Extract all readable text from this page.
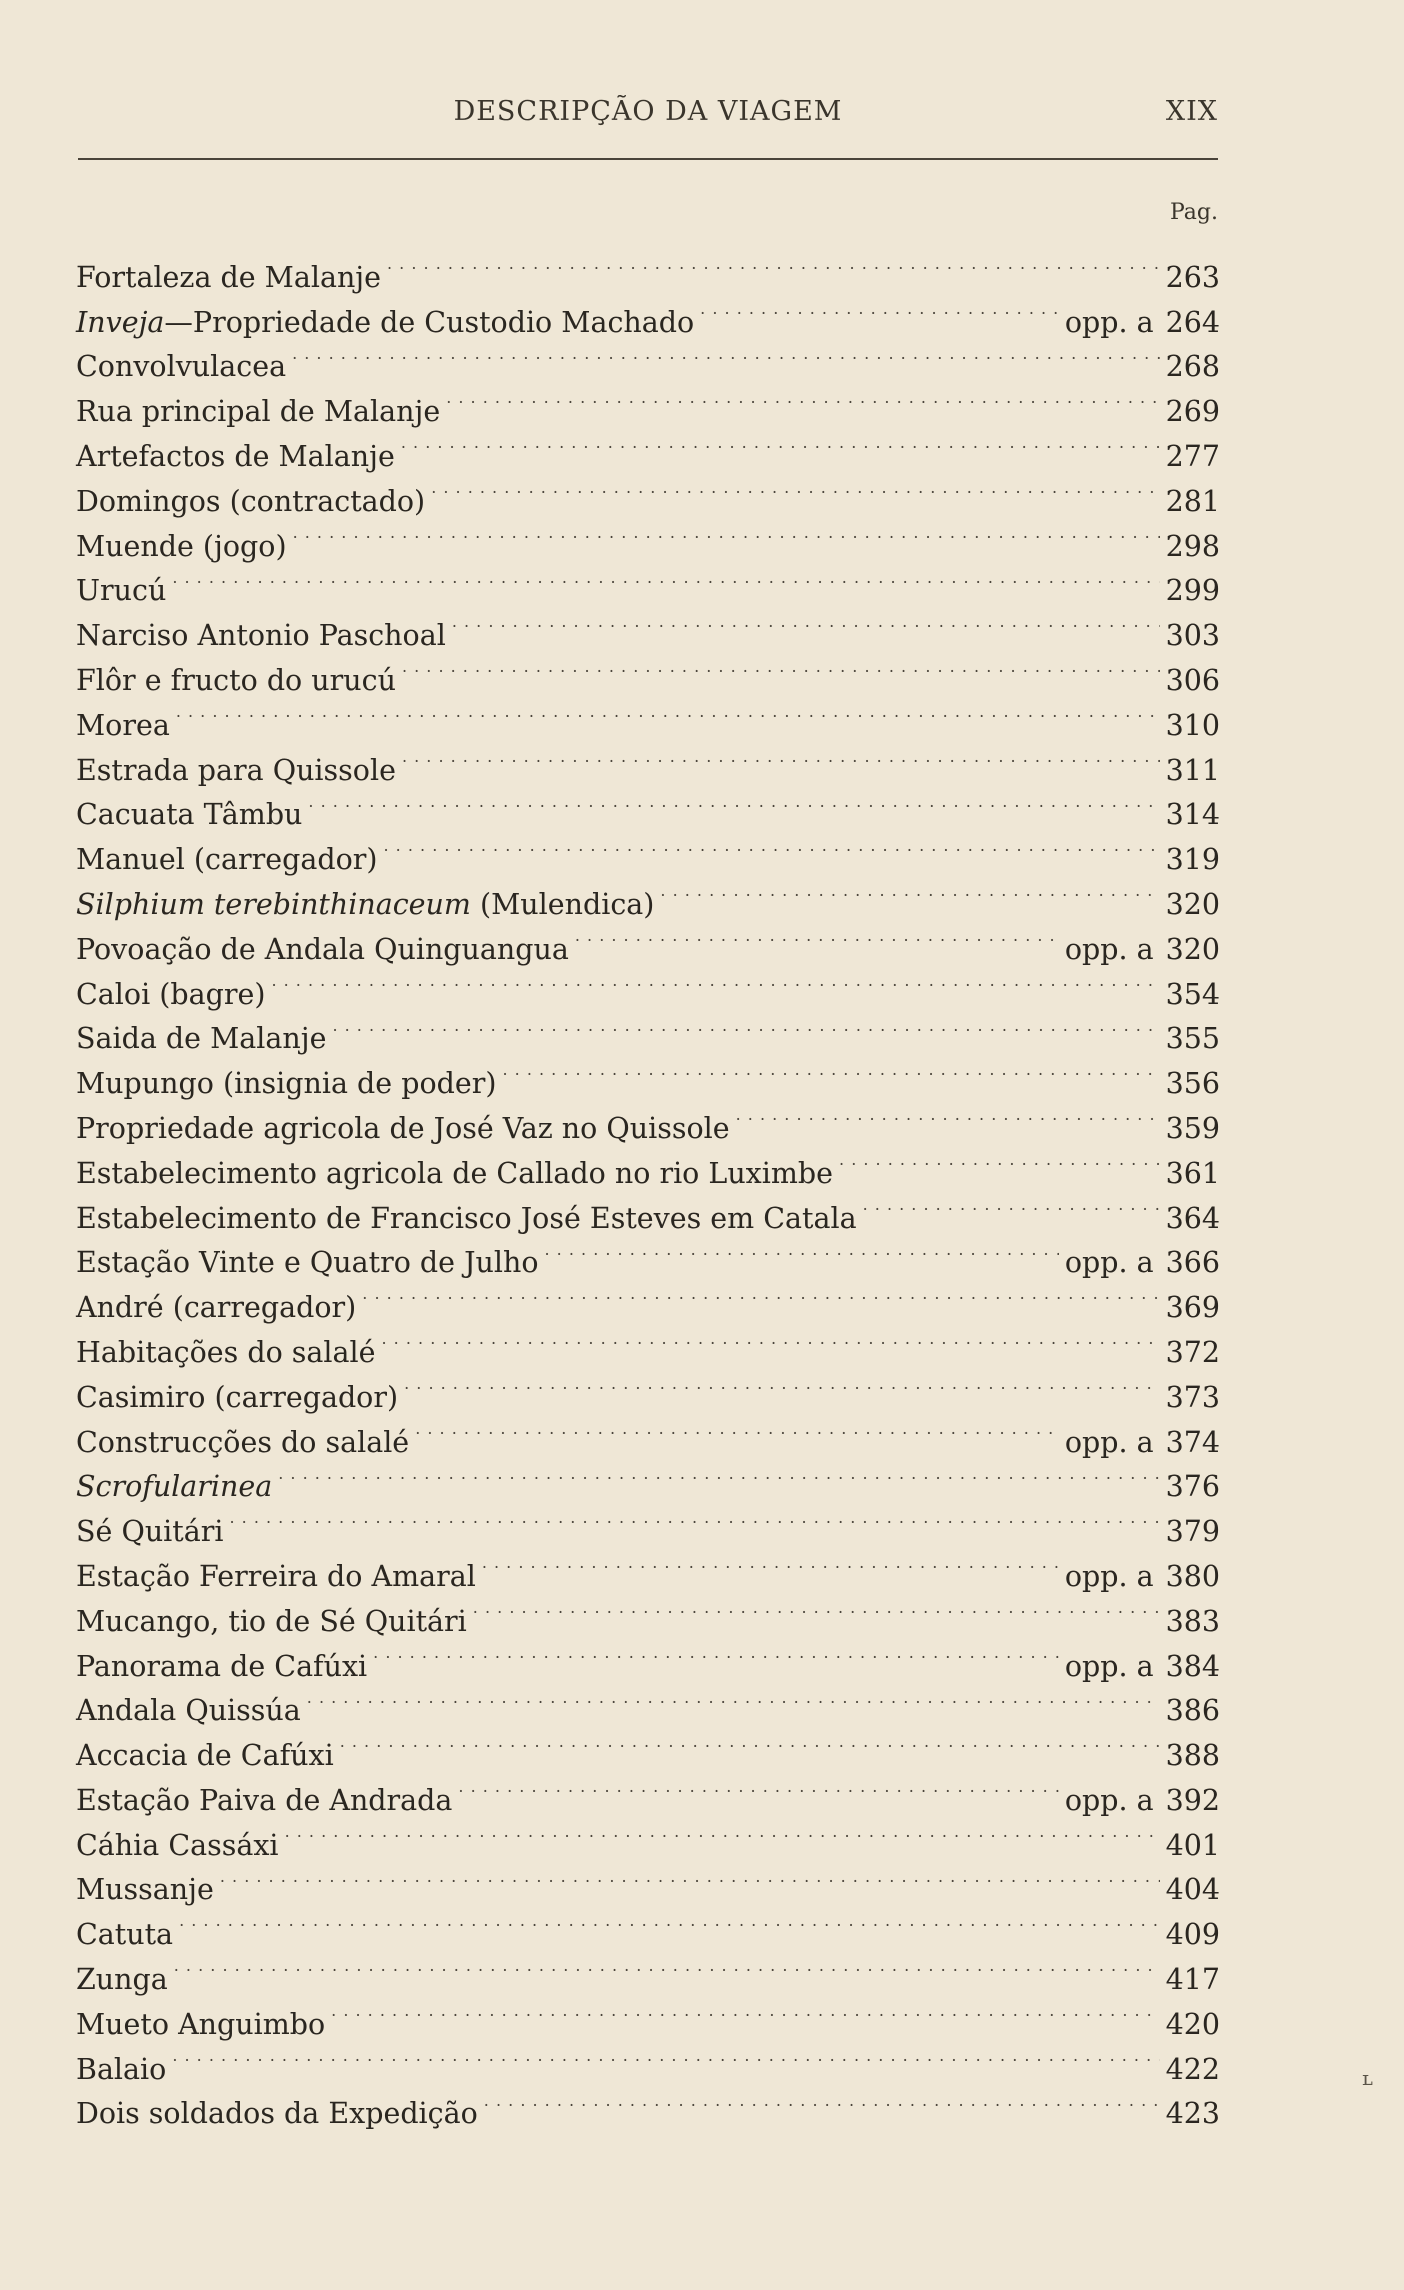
DESCRIPÇÃO DA VIAGEM	XIX
Pag.
Fortaleza de Malanje . . .	263
Inveja—Propriedade de Custodio Machado . . .	opp. a 264
Convolvulacea . . .	268
Rua principal de Malanje . . .	269
Artefactos de Malanje . . .	277
Domingos (contractado) . . .	281
Muende (jogo) . . .	298
Urucú . . .	299
Narciso Antonio Paschoal . . .	303
Flôr e fructo do urucú . . .	306
Morea . . .	310
Estrada para Quissole . . .	311
Cacuata Tâmbu . . .	314
Manuel (carregador) . . .	319
Silphium terebinthinaceum (Mulendica) . . .	320
Povoação de Andala Quinguangua . . .	opp. a 320
Caloi (bagre) . . .	354
Saida de Malanje . . .	355
Mupungo (insignia de poder) . . .	356
Propriedade agricola de José Vaz no Quissole . . .	359
Estabelecimento agricola de Callado no rio Luximbe . . .	361
Estabelecimento de Francisco José Esteves em Catala . . .	364
Estação Vinte e Quatro de Julho . . .	opp. a 366
André (carregador) . . .	369
Habitações do salalé . . .	372
Casimiro (carregador) . . .	373
Construcções do salalé . . .	opp. a 374
Scrofularinea . . .	376
Sé Quitári . . .	379
Estação Ferreira do Amaral . . .	opp. a 380
Mucango, tio de Sé Quitári . . .	383
Panorama de Cafúxi . . .	opp. a 384
Andala Quissúa . . .	386
Accacia de Cafúxi . . .	388
Estação Paiva de Andrada . . .	opp. a 392
Cáhia Cassáxi . . .	401
Mussanje . . .	404
Catuta . . .	409
Zunga . . .	417
Mueto Anguimbo . . .	420
Balaio . . .	422
Dois soldados da Expedição . . .	423
ʟ
